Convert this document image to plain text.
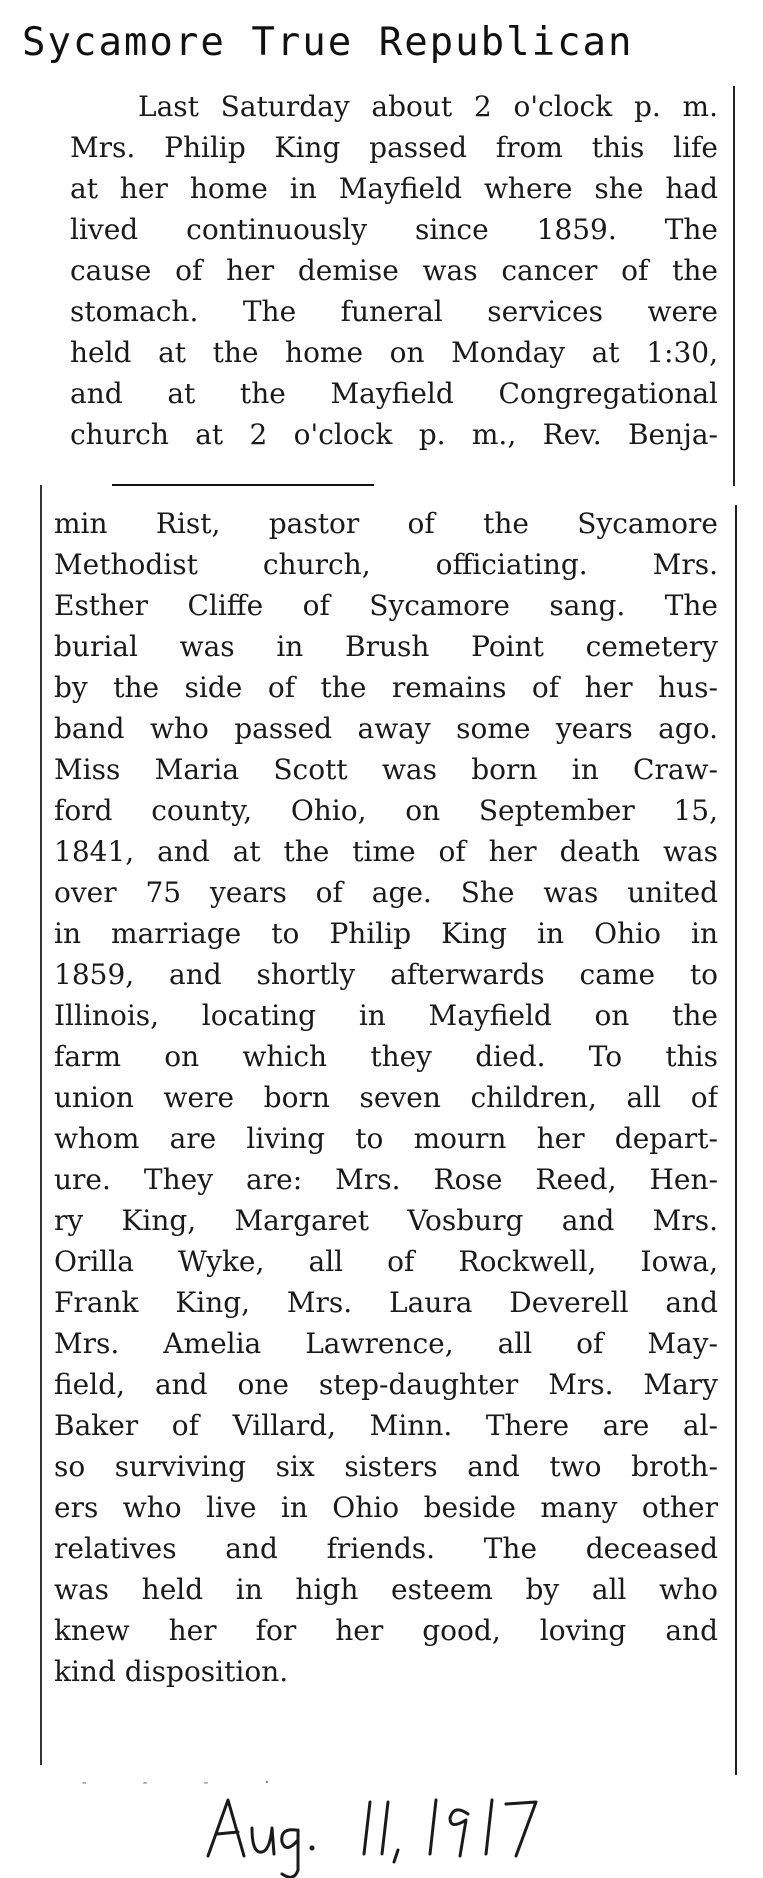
Sycamore True Republican

Last Saturday about 2 o'clock p. m.
Mrs. Philip King passed from this life
at her home in Mayfield where she had
lived continuously since 1859. The
cause of her demise was cancer of the
stomach. The funeral services were
held at the home on Monday at 1:30,
and at the Mayfield Congregational
church at 2 o'clock p. m., Rev. Benja-

min Rist, pastor of the Sycamore
Methodist church, officiating. Mrs.
Esther Cliffe of Sycamore sang. The
burial was in Brush Point cemetery
by the side of the remains of her hus-
band who passed away some years ago.
Miss Maria Scott was born in Craw-
ford county, Ohio, on September 15,
1841, and at the time of her death was
over 75 years of age. She was united
in marriage to Philip King in Ohio in
1859, and shortly afterwards came to
Illinois, locating in Mayfield on the
farm on which they died. To this
union were born seven children, all of
whom are living to mourn her depart-
ure. They are: Mrs. Rose Reed, Hen-
ry King, Margaret Vosburg and Mrs.
Orilla Wyke, all of Rockwell, Iowa,
Frank King, Mrs. Laura Deverell and
Mrs. Amelia Lawrence, all of May-
field, and one step-daughter Mrs. Mary
Baker of Villard, Minn. There are al-
so surviving six sisters and two broth-
ers who live in Ohio beside many other
relatives and friends. The deceased
was held in high esteem by all who
knew her for her good, loving and
kind disposition.

- - - ·
